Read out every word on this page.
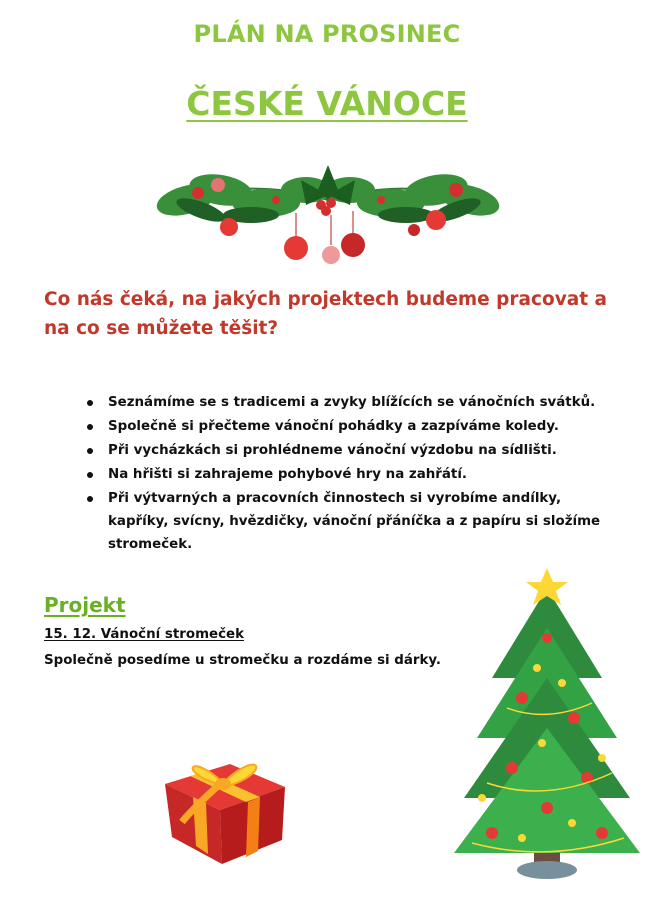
PLÁN NA PROSINEC
ČESKÉ VÁNOCE
Co nás čeká, na jakých projektech budeme pracovat a na co se můžete těšit?
Seznámíme se s tradicemi a zvyky blížících se vánočních svátků.
Společně si přečteme vánoční pohádky a zazpíváme koledy.
Při vycházkách si prohlédneme vánoční výzdobu na sídlišti.
Na hřišti si zahrajeme pohybové hry na zahřátí.
Při výtvarných a pracovních činnostech si vyrobíme andílky, kapříky, svícny, hvězdičky, vánoční přáníčka a z papíru si složíme stromeček.
Projekt
15. 12. Vánoční stromeček
Společně posedíme u stromečku a rozdáme si dárky.
